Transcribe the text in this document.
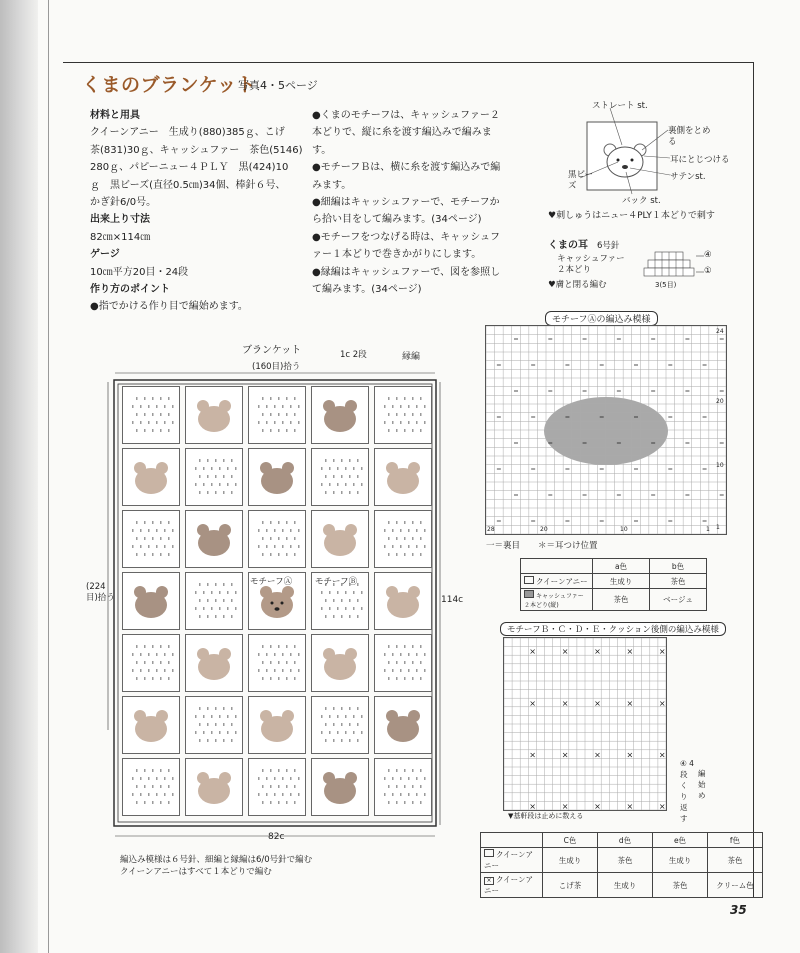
くまのブランケット
写真4・5ページ

材料と用具

クイーンアニー　生成り(880)385ｇ、こげ

茶(831)30ｇ、キャッシュファー　茶色(5146)

280ｇ、パピーニュー４ＰＬＹ　黒(424)10

ｇ　黒ビーズ(直径0.5㎝)34個、棒針６号、

かぎ針6/0号。

出来上り寸法

82㎝×114㎝

ゲージ

10㎝平方20目・24段

作り方のポイント

●指でかける作り目で編始めます。

●くまのモチーフは、キャッシュファー２

本どりで、縦に糸を渡す編込みで編みま

す。

●モチーフＢは、横に糸を渡す編込みで編

みます。

●細編はキャッシュファーで、モチーフか

ら拾い目をして編みます。(34ページ)

●モチーフをつなげる時は、キャッシュフ

ァー１本どりで巻きかがりにします。

●縁編はキャッシュファーで、図を参照し

て編みます。(34ページ)

ストレート st.
裏側をとめる
耳にとじつける
サテンst.
黒ビーズ
バック st.
♥刺しゅうはニュー４PLY１本どりで刺す
くまの耳 6号針
キャッシュファー
２本どり
♥膚と閉る編む
④
①
3(5目)
ブランケット
(160目)拾う
1c 2段	縁編
(224目)拾う	114c
82c
モチーフⒶ	モチーフⒷ
編込み模様は６号針、細編と縁編は6/0号針で編む
クイーンアニーはすべて１本どりで編む
モチーフⒶの編込み模様
一＝裏目 ＊＝耳つけ位置
	a色	b色
クイーンアニー	生成り	茶色
キャッシュファー２本どり(縦)	茶色	ベージュ
24
20
10
1
28	20	10	1
モチーフＢ・Ｃ・Ｄ・Ｅ・クッション後側の編込み模様
×	×	×	×	×
×	×	×	×	×
×	×	×	×	×
×	×	×	×	×
④ 4段 くり返す
編始め
▼基軒段は止めに数える
	C色	d色	e色	f色
クイーンアニー	生成り	茶色	生成り	茶色
× クイーンアニー	こげ茶	生成り	茶色	クリーム色
35
